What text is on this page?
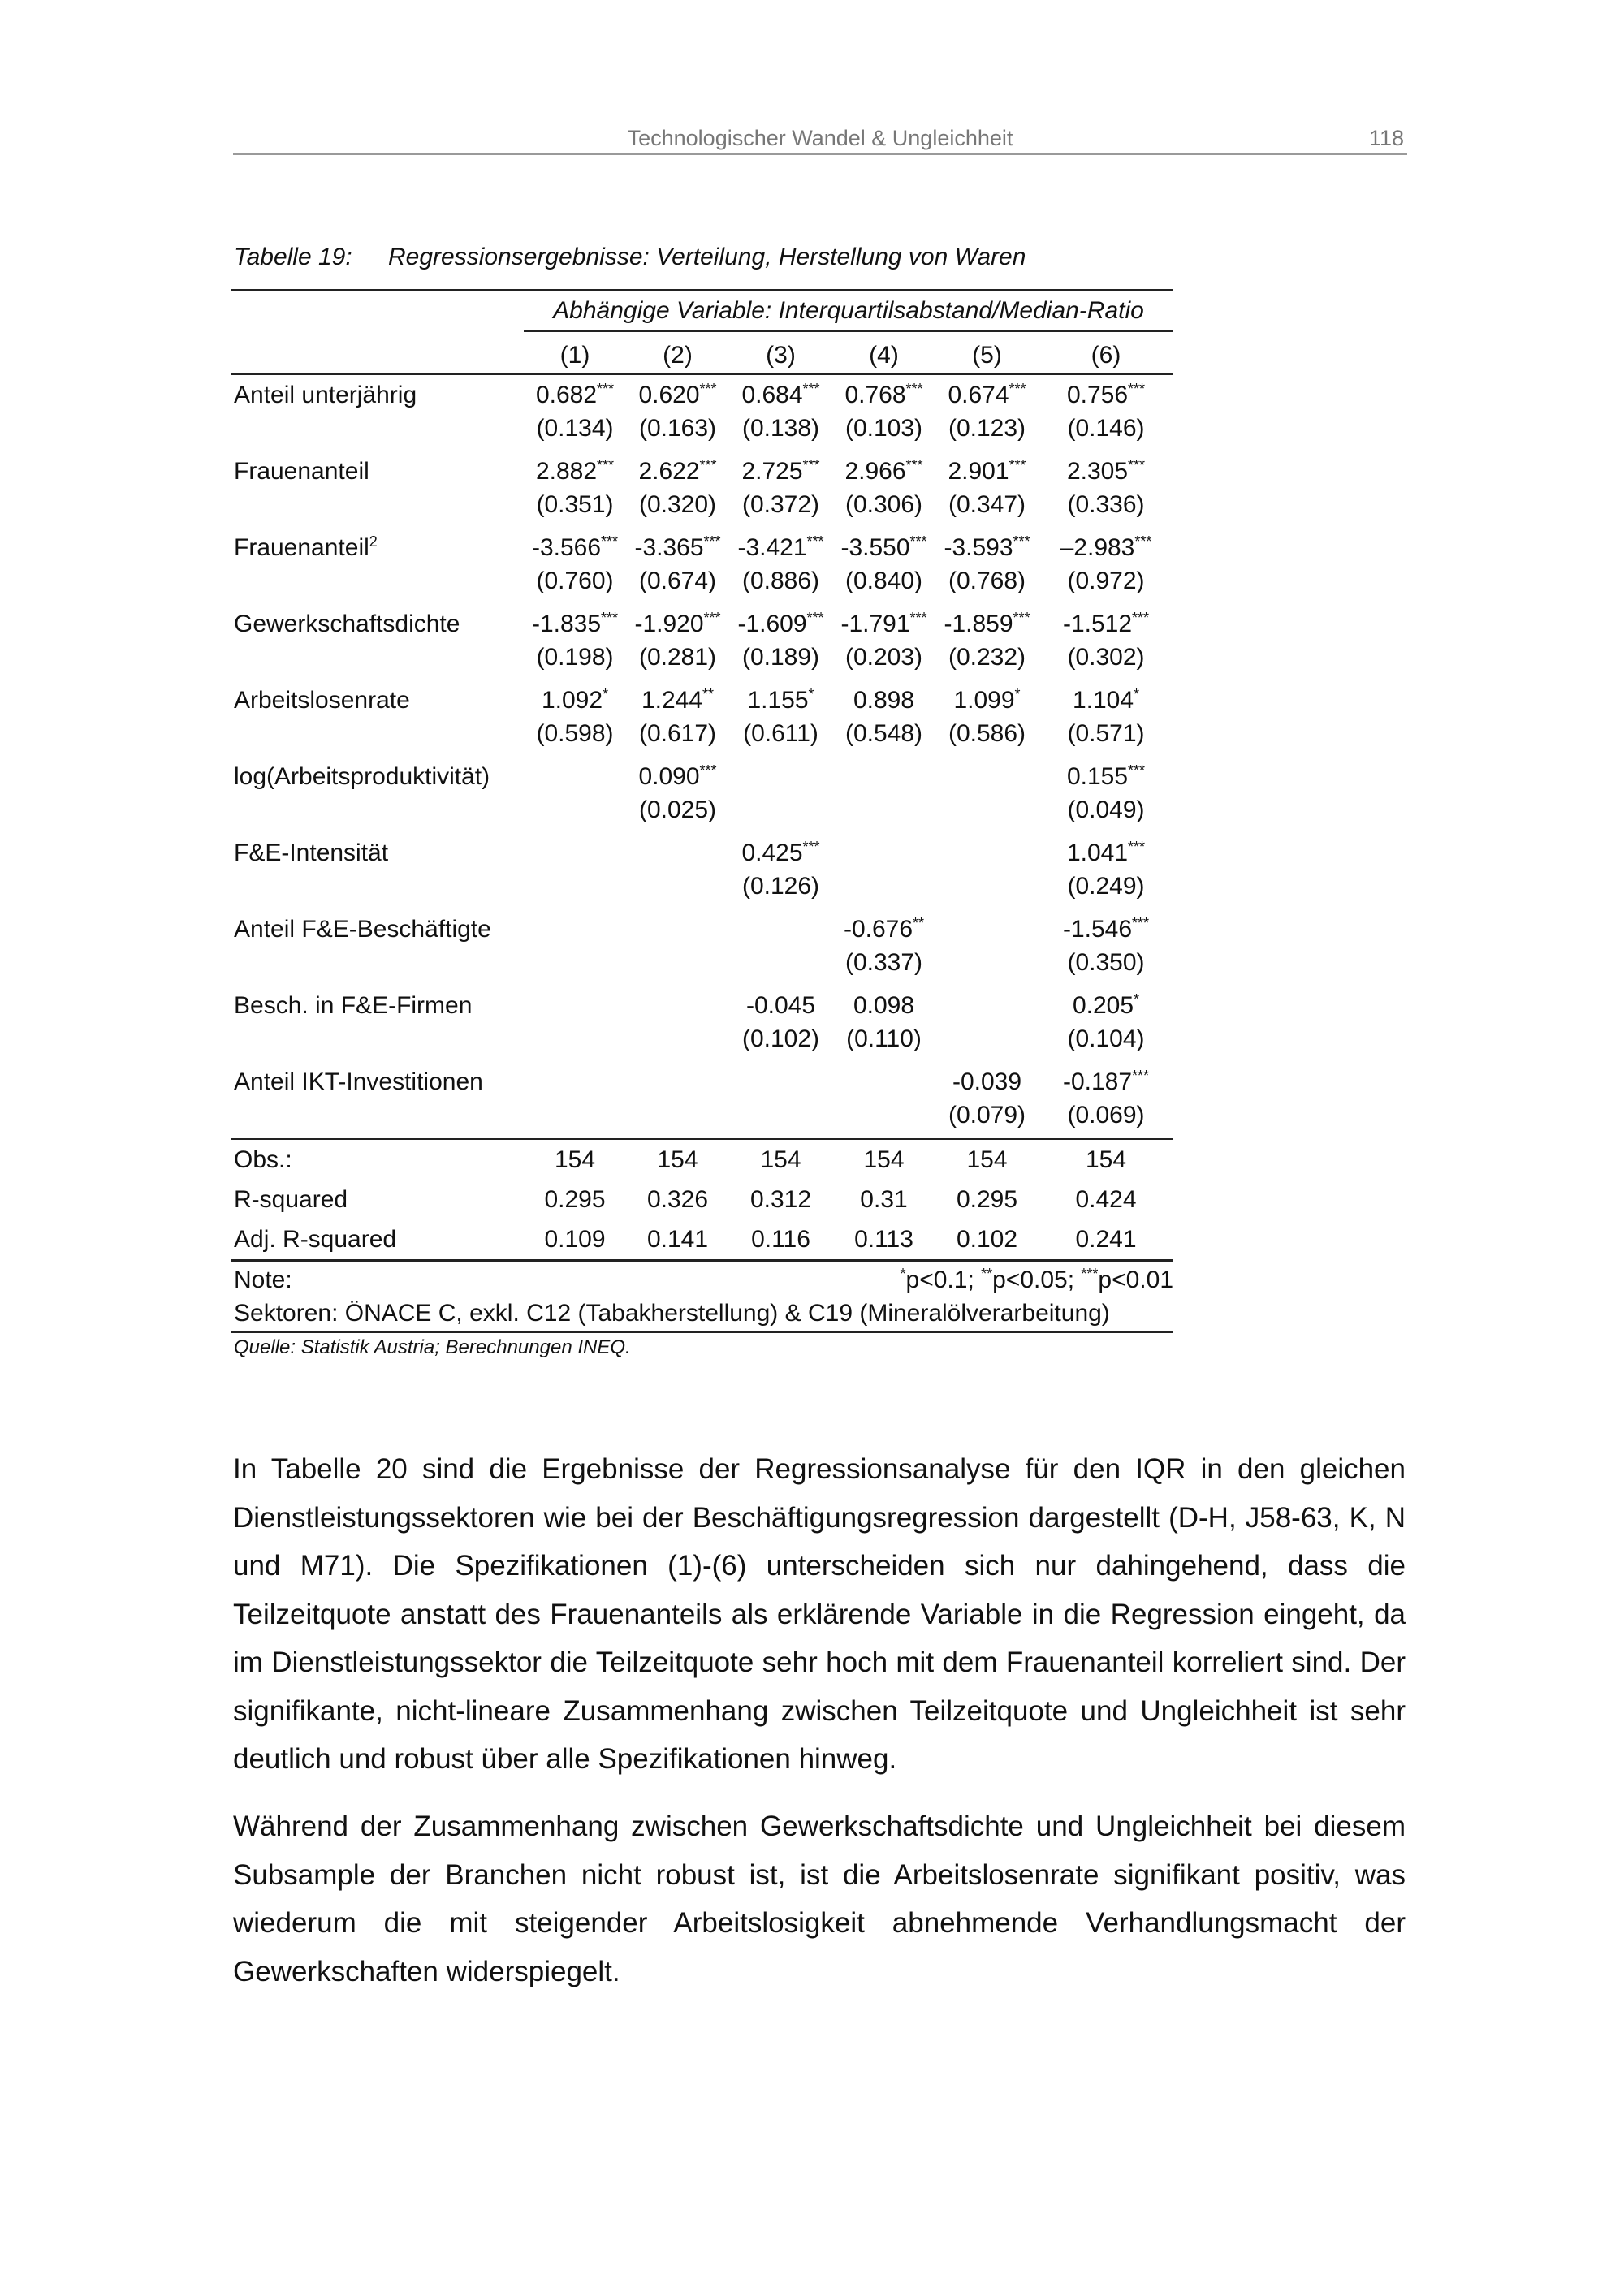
Technologischer Wandel & Ungleichheit	118
Tabelle 19: Regressionsergebnisse: Verteilung, Herstellung von Waren
	Abhängige Variable: Interquartilsabstand/Median-Ratio					
	(1)	(2)	(3)	(4)	(5)	(6)
Anteil unterjährig	0.682***	0.620***	0.684***	0.768***	0.674***	0.756***
	(0.134)	(0.163)	(0.138)	(0.103)	(0.123)	(0.146)
Frauenanteil	2.882***	2.622***	2.725***	2.966***	2.901***	2.305***
	(0.351)	(0.320)	(0.372)	(0.306)	(0.347)	(0.336)
Frauenanteil$^2$	-3.566***	-3.365***	-3.421***	-3.550***	-3.593***	–2.983***
	(0.760)	(0.674)	(0.886)	(0.840)	(0.768)	(0.972)
Gewerkschaftsdichte	-1.835***	-1.920***	-1.609***	-1.791***	-1.859***	-1.512***
	(0.198)	(0.281)	(0.189)	(0.203)	(0.232)	(0.302)
Arbeitslosenrate	1.092*	1.244**	1.155*	0.898	1.099*	1.104*
	(0.598)	(0.617)	(0.611)	(0.548)	(0.586)	(0.571)
log(Arbeitsproduktivität)		0.090***				0.155***
		(0.025)				(0.049)
F&E-Intensität			0.425***			1.041***
			(0.126)			(0.249)
Anteil F&E-Beschäftigte				-0.676**		-1.546***
				(0.337)		(0.350)
Besch. in F&E-Firmen			-0.045	0.098		0.205*
			(0.102)	(0.110)		(0.104)
Anteil IKT-Investitionen					-0.039	-0.187***
					(0.079)	(0.069)
Obs.:	154	154	154	154	154	154
R-squared	0.295	0.326	0.312	0.31	0.295	0.424
Adj. R-squared	0.109	0.141	0.116	0.113	0.102	0.241
Note:	*p<0.1; **p<0.05; ***p<0.01					
Sektoren: ÖNACE C, exkl. C12 (Tabakherstellung) & C19 (Mineralölverarbeitung)						
Quelle: Statistik Austria; Berechnungen INEQ.

In Tabelle 20 sind die Ergebnisse der Regressionsanalyse für den IQR in den gleichen Dienstleistungssektoren wie bei der Beschäftigungsregression dargestellt (D-H, J58-63, K, N und M71). Die Spezifikationen (1)-(6) unterscheiden sich nur dahingehend, dass die Teilzeitquote anstatt des Frauenanteils als erklärende Variable in die Regression eingeht, da im Dienstleistungssektor die Teilzeitquote sehr hoch mit dem Frauenanteil korreliert sind. Der signifikante, nicht-lineare Zusammenhang zwischen Teilzeitquote und Ungleichheit ist sehr deutlich und robust über alle Spezifikationen hinweg.

Während der Zusammenhang zwischen Gewerkschaftsdichte und Ungleichheit bei diesem Subsample der Branchen nicht robust ist, ist die Arbeitslosenrate signifikant positiv, was wiederum die mit steigender Arbeitslosigkeit abnehmende Verhandlungsmacht der Gewerkschaften widerspiegelt.
